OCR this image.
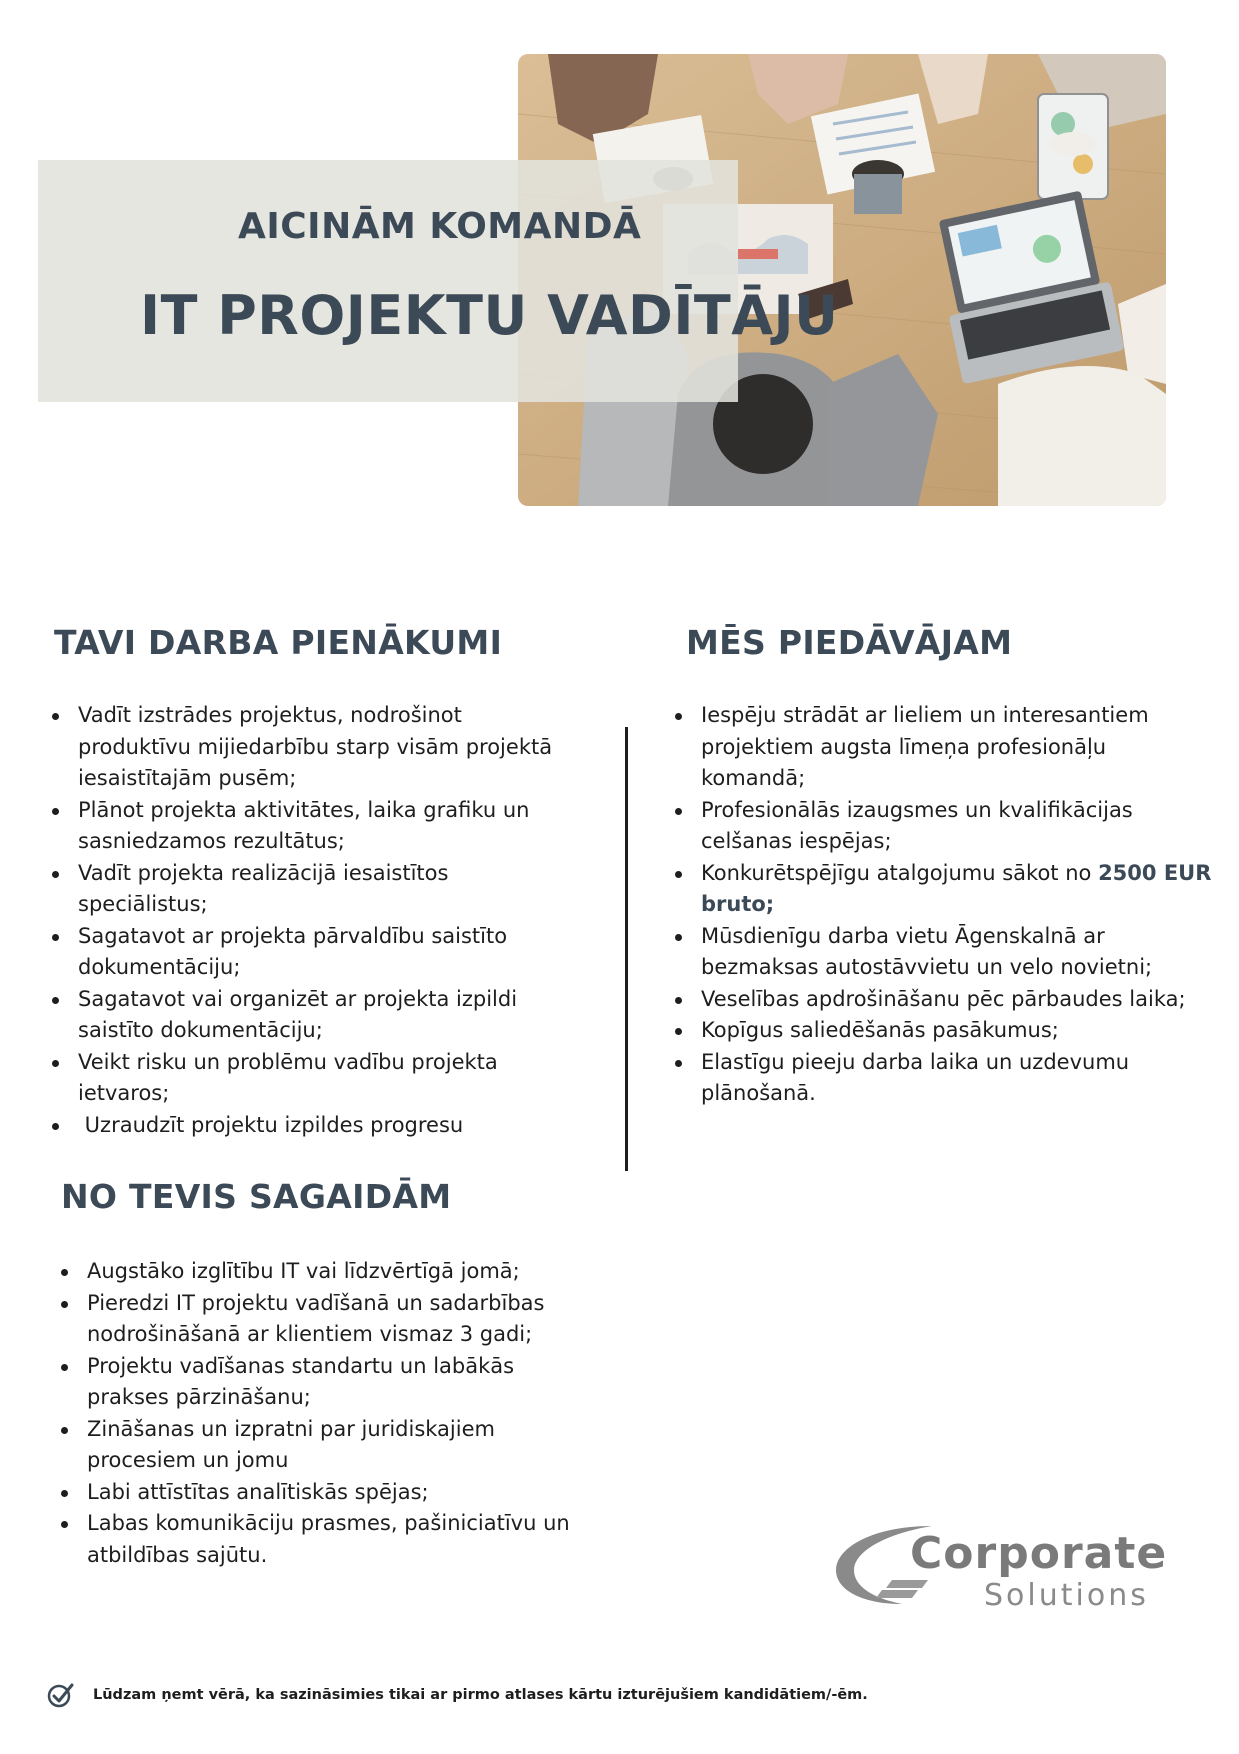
AICINĀM KOMANDĀ
IT PROJEKTU VADĪTĀJU
TAVI DARBA PIENĀKUMI
Vadīt izstrādes projektus, nodrošinot produktīvu mijiedarbību starp visām projektā iesaistītajām pusēm;
Plānot projekta aktivitātes, laika grafiku un sasniedzamos rezultātus;
Vadīt projekta realizācijā iesaistītos speciālistus;
Sagatavot ar projekta pārvaldību saistīto dokumentāciju;
Sagatavot vai organizēt ar projekta izpildi saistīto dokumentāciju;
Veikt risku un problēmu vadību projekta ietvaros;
Uzraudzīt projektu izpildes progresu
MĒS PIEDĀVĀJAM
Iespēju strādāt ar lieliem un interesantiem projektiem augsta līmeņa profesionāļu komandā;
Profesionālās izaugsmes un kvalifikācijas celšanas iespējas;
Konkurētspējīgu atalgojumu sākot no 2500 EUR bruto;
Mūsdienīgu darba vietu Āgenskalnā ar bezmaksas autostāvvietu un velo novietni;
Veselības apdrošināšanu pēc pārbaudes laika;
Kopīgus saliedēšanās pasākumus;
Elastīgu pieeju darba laika un uzdevumu plānošanā.
NO TEVIS SAGAIDĀM
Augstāko izglītību IT vai līdzvērtīgā jomā;
Pieredzi IT projektu vadīšanā un sadarbības nodrošināšanā ar klientiem vismaz 3 gadi;
Projektu vadīšanas standartu un labākās prakses pārzināšanu;
Zināšanas un izpratni par juridiskajiem procesiem un jomu
Labi attīstītas analītiskās spējas;
Labas komunikāciju prasmes, pašiniciatīvu un atbildības sajūtu.	Corporate

Solutions

Lūdzam ņemt vērā, ka sazināsimies tikai ar pirmo atlases kārtu izturējušiem kandidātiem/-ēm.
